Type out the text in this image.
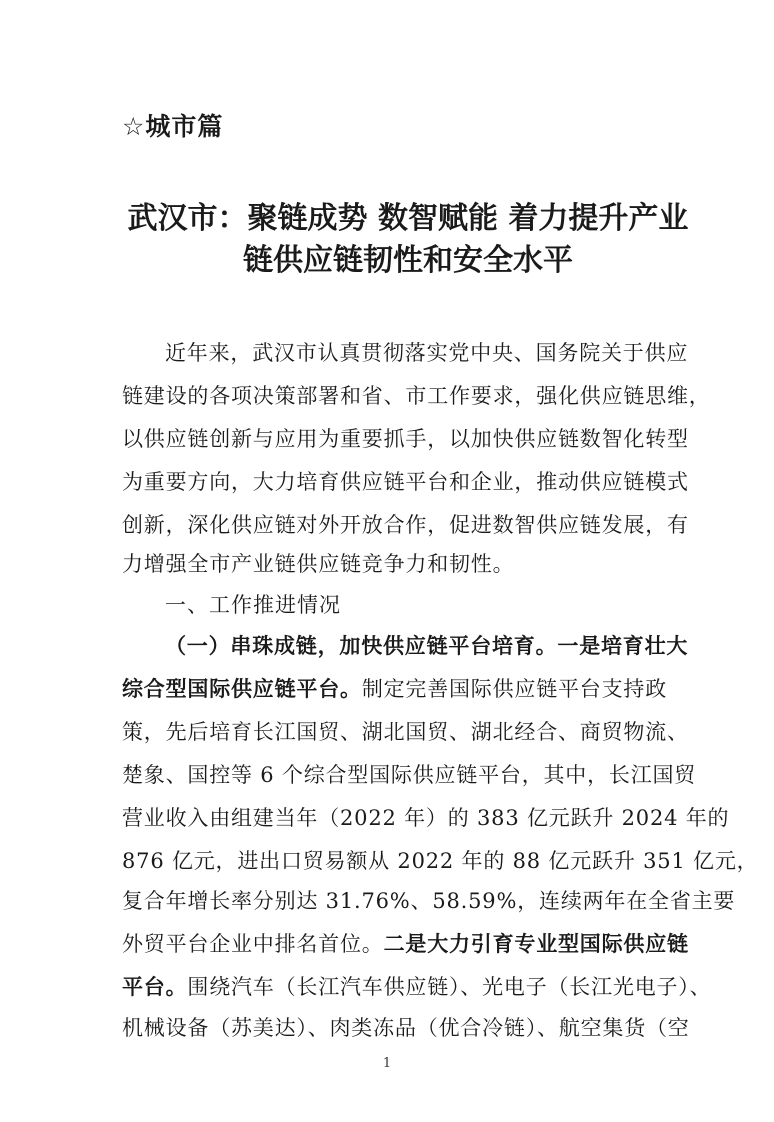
☆城市篇
武汉市：聚链成势 数智赋能 着力提升产业
链供应链韧性和安全水平
近年来，武汉市认真贯彻落实党中央、国务院关于供应
链建设的各项决策部署和省、市工作要求，强化供应链思维，
以供应链创新与应用为重要抓手，以加快供应链数智化转型
为重要方向，大力培育供应链平台和企业，推动供应链模式
创新，深化供应链对外开放合作，促进数智供应链发展，有
力增强全市产业链供应链竞争力和韧性。
一、工作推进情况
（一）串珠成链，加快供应链平台培育。一是培育壮大
综合型国际供应链平台。制定完善国际供应链平台支持政
策，先后培育长江国贸、湖北国贸、湖北经合、商贸物流、
楚象、国控等 6 个综合型国际供应链平台，其中，长江国贸
营业收入由组建当年（2022 年）的 383 亿元跃升 2024 年的
876 亿元，进出口贸易额从 2022 年的 88 亿元跃升 351 亿元，
复合年增长率分别达 31.76%、58.59%，连续两年在全省主要
外贸平台企业中排名首位。二是大力引育专业型国际供应链
平台。围绕汽车（长江汽车供应链）、光电子（长江光电子）、
机械设备（苏美达）、肉类冻品（优合冷链）、航空集货（空
1
